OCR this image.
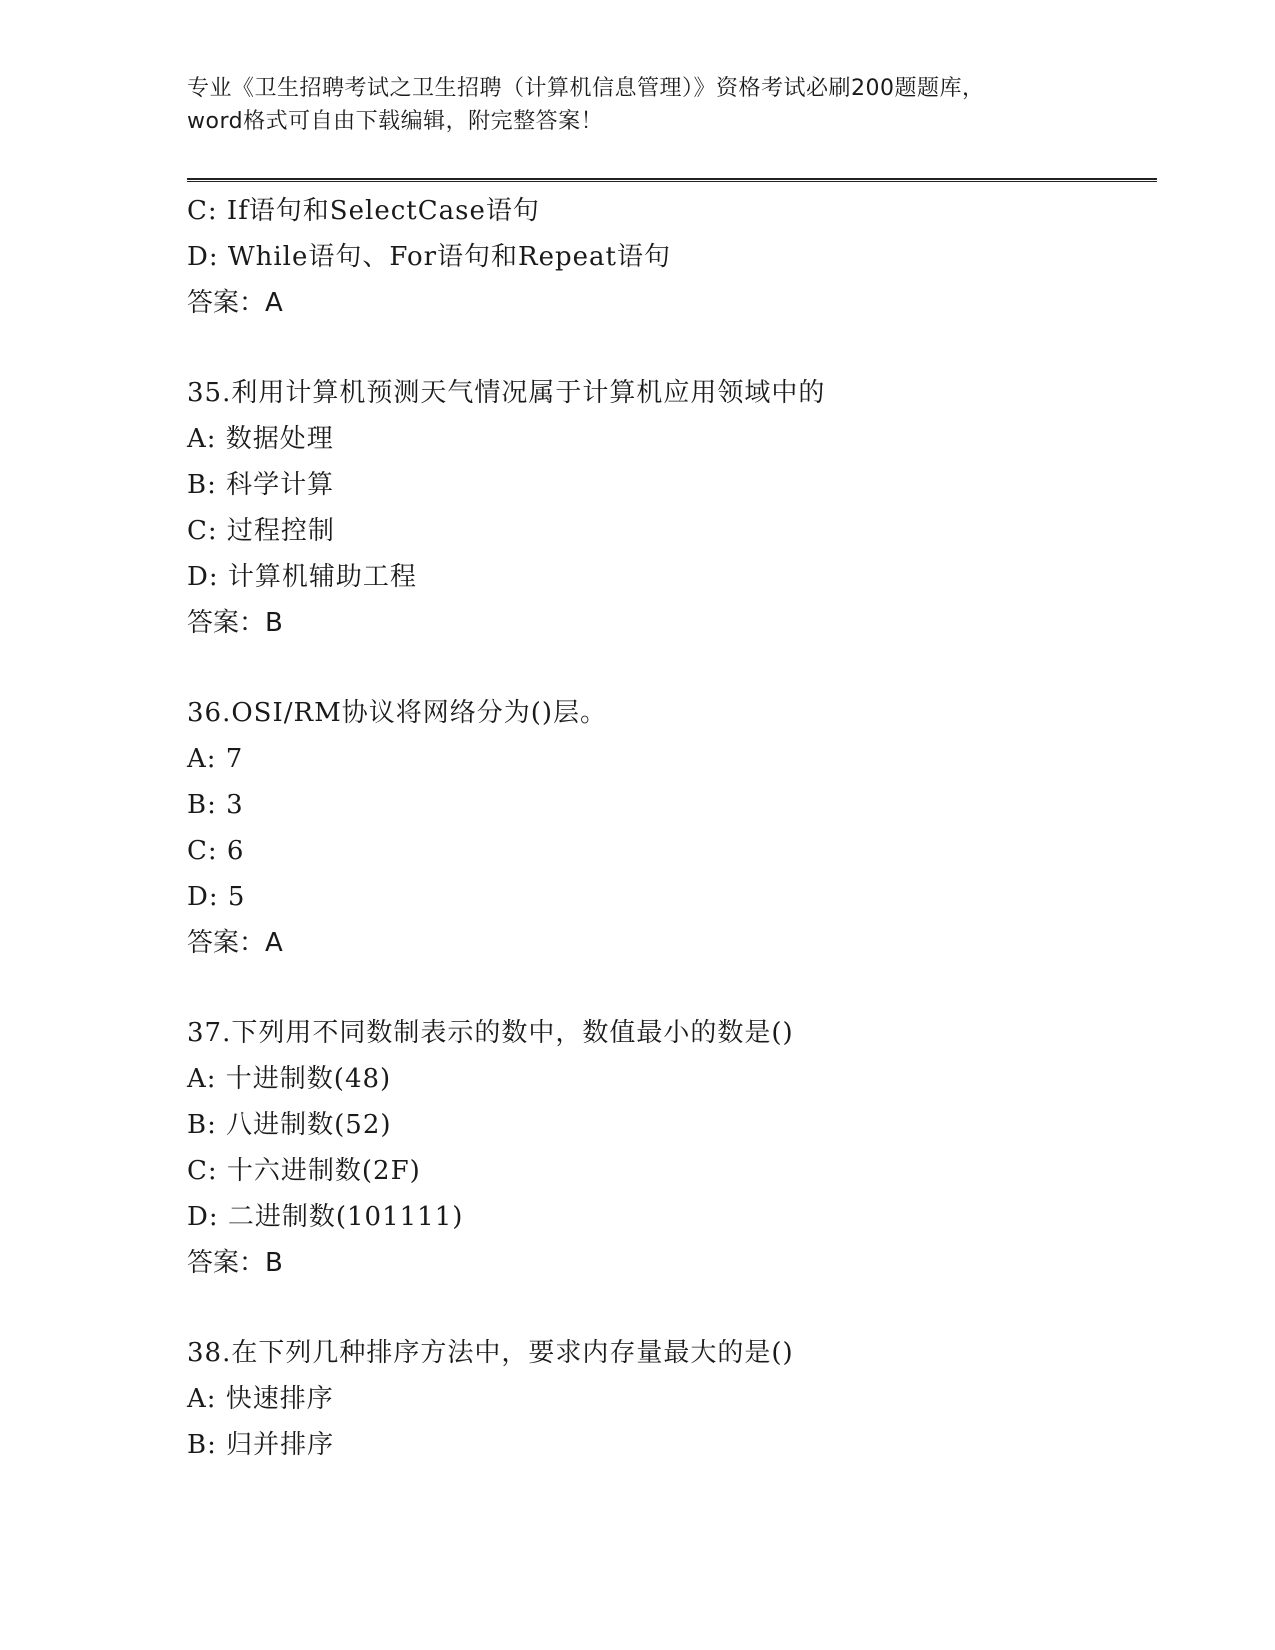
专业《卫生招聘考试之卫生招聘（计算机信息管理）》资格考试必刷200题题库，
word格式可自由下载编辑，附完整答案！
C: If语句和SelectCase语句
D: While语句、For语句和Repeat语句
答案：A
35.利用计算机预测天气情况属于计算机应用领域中的
A: 数据处理
B: 科学计算
C: 过程控制
D: 计算机辅助工程
答案：B
36.OSI/RM协议将网络分为()层。
A: 7
B: 3
C: 6
D: 5
答案：A
37.下列用不同数制表示的数中，数值最小的数是()
A: 十进制数(48)
B: 八进制数(52)
C: 十六进制数(2F)
D: 二进制数(101111)
答案：B
38.在下列几种排序方法中，要求内存量最大的是()
A: 快速排序
B: 归并排序
